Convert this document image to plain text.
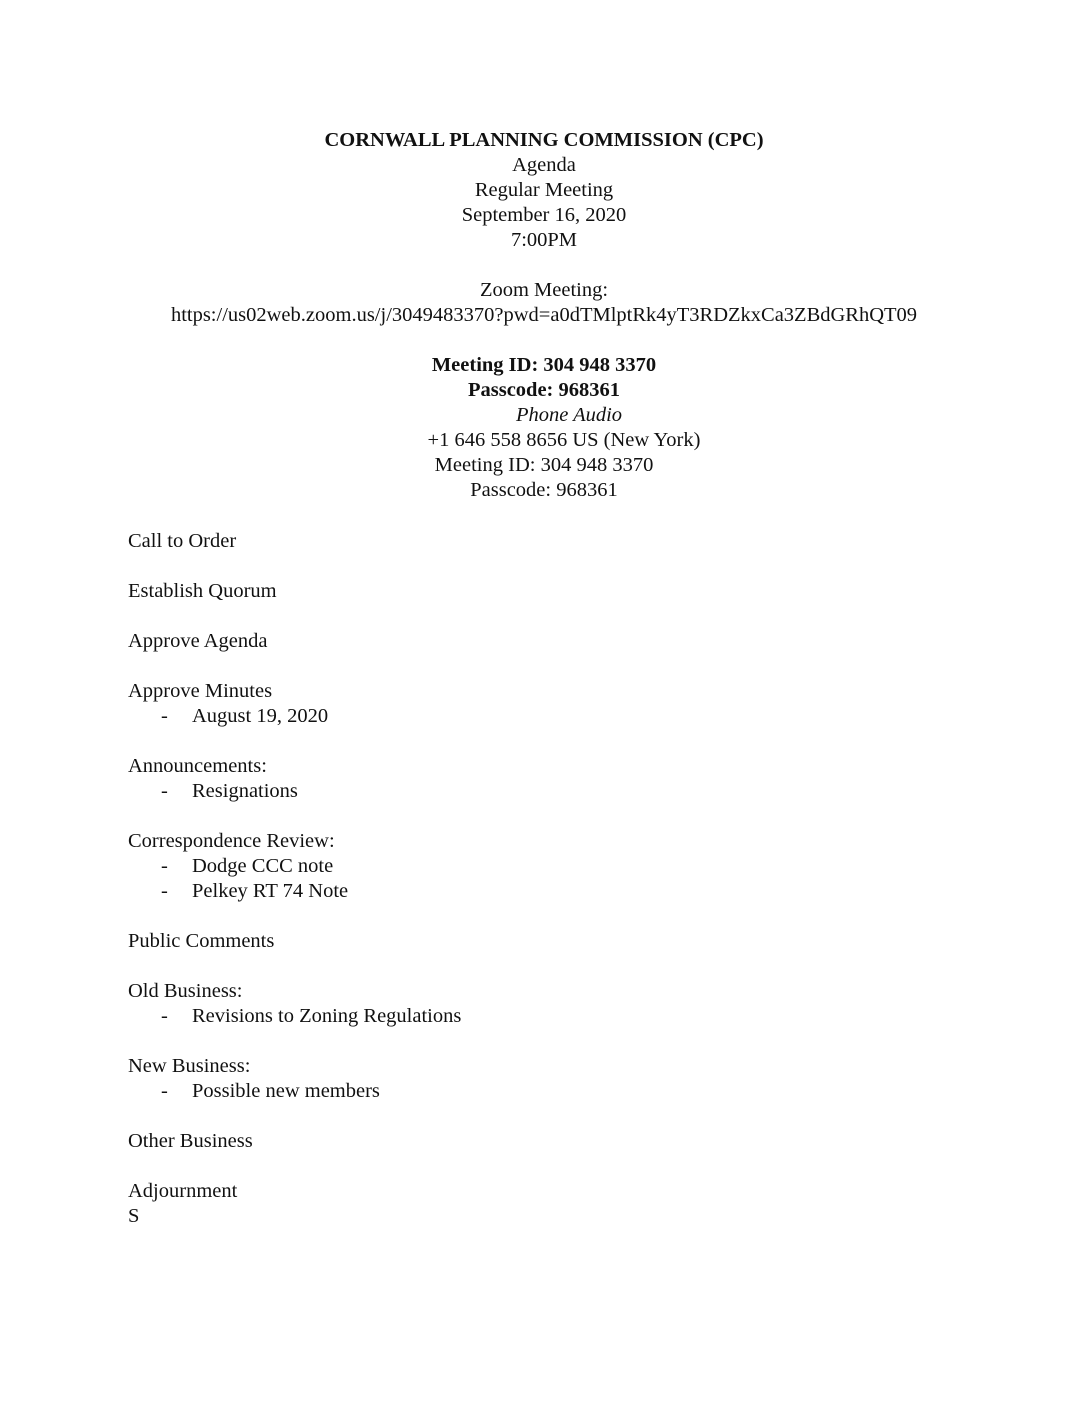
CORNWALL PLANNING COMMISSION (CPC)
Agenda
Regular Meeting
September 16, 2020
7:00PM
Zoom Meeting:
https://us02web.zoom.us/j/3049483370?pwd=a0dTMlptRk4yT3RDZkxCa3ZBdGRhQT09
Meeting ID: 304 948 3370
Passcode: 968361
Phone Audio
+1 646 558 8656 US (New York)
Meeting ID: 304 948 3370
Passcode: 968361
Call to Order
Establish Quorum
Approve Agenda
Approve Minutes
- August 19, 2020
Announcements:
- Resignations
Correspondence Review:
- Dodge CCC note
- Pelkey RT 74 Note
Public Comments
Old Business:
- Revisions to Zoning Regulations
New Business:
- Possible new members
Other Business
Adjournment
S
